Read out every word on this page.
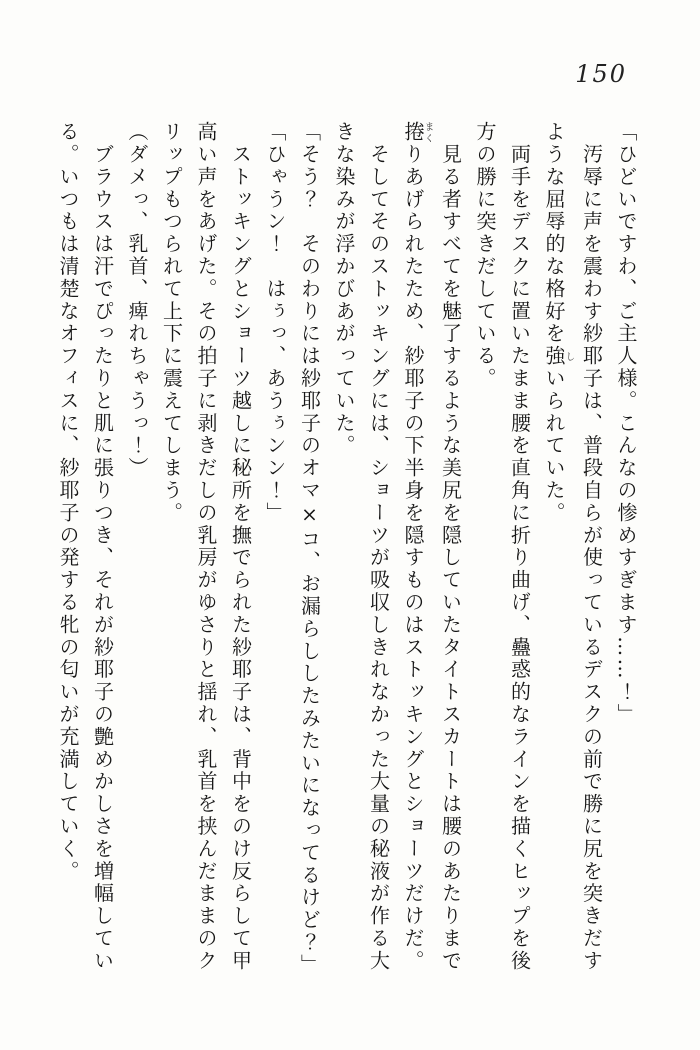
150

「ひどいですわ、ご主人様。こんなの惨めすぎます……！」

　汚辱に声を震わす紗耶子は、普段自らが使っているデスクの前で勝に尻を突きだす

ような屈辱的な格好を強しいられていた。

　両手をデスクに置いたまま腰を直角に折り曲げ、蠱惑的なラインを描くヒップを後

方の勝に突きだしている。

　見る者すべてを魅了するような美尻を隠していたタイトスカートは腰のあたりまで

捲まくりあげられたため、紗耶子の下半身を隠すものはストッキングとショーツだけだ。

　そしてそのストッキングには、ショーツが吸収しきれなかった大量の秘液が作る大

きな染みが浮かびあがっていた。

「そう？　そのわりには紗耶子のオマ×コ、お漏らししたみたいになってるけど？」

「ひゃうン！　はぅっ、あうぅンン！」

　ストッキングとショーツ越しに秘所を撫でられた紗耶子は、背中をのけ反らして甲

高い声をあげた。その拍子に剥きだしの乳房がゆさりと揺れ、乳首を挟んだままのク

リップもつられて上下に震えてしまう。

（ダメっ、乳首、痺れちゃうっ！）

　ブラウスは汗でぴったりと肌に張りつき、それが紗耶子の艶めかしさを増幅してい

る。いつもは清楚なオフィスに、紗耶子の発する牝の匂いが充満していく。
